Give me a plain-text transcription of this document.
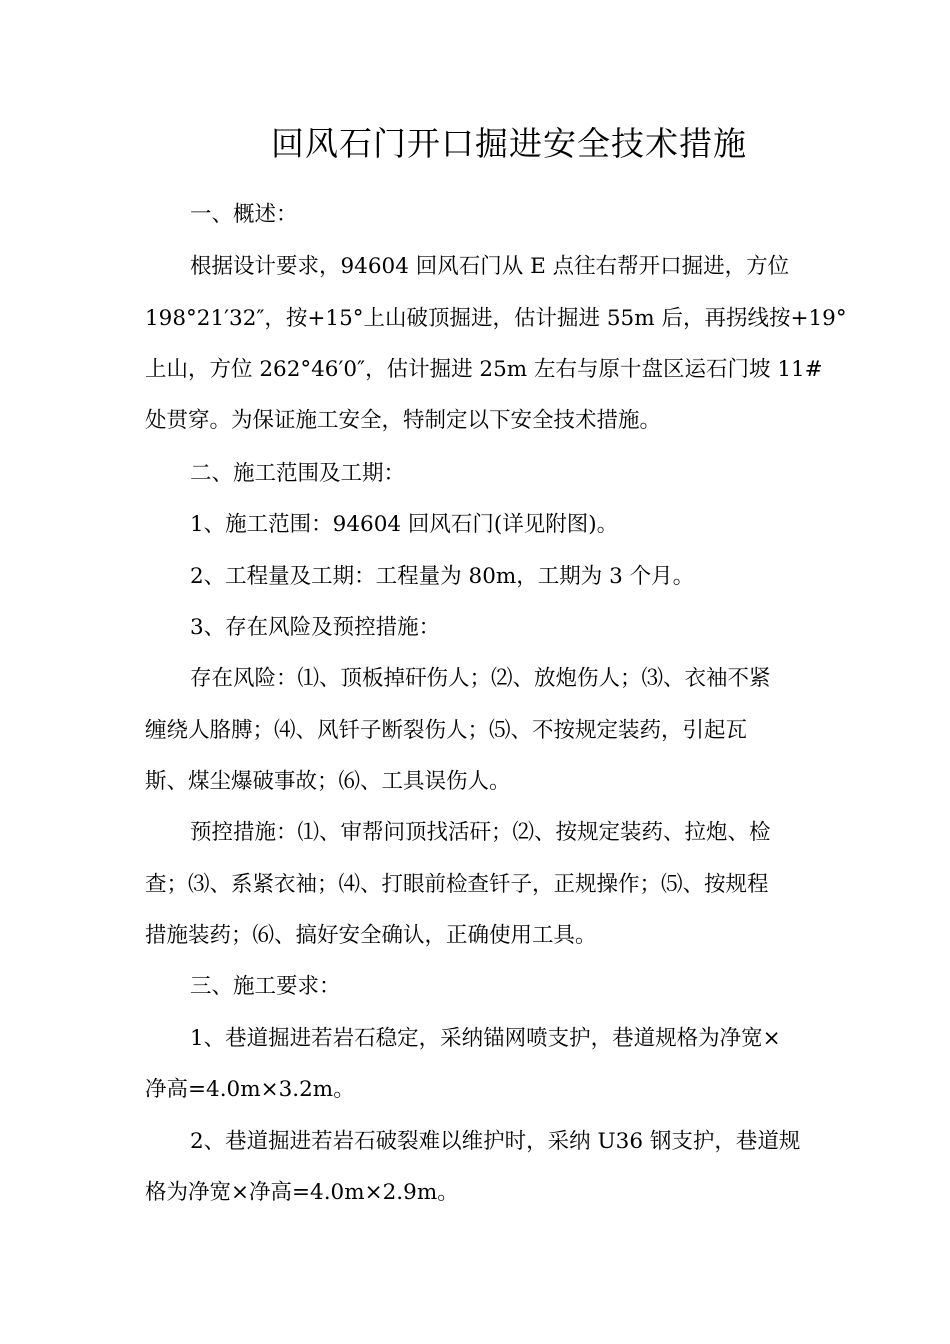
回风石门开口掘进安全技术措施

一、概述：

根据设计要求，94604 回风石门从 E 点往右帮开口掘进，方位

198°21′32″，按+15°上山破顶掘进，估计掘进 55m 后，再拐线按+19°

上山，方位 262°46′0″，估计掘进 25m 左右与原十盘区运石门坡 11#

处贯穿。为保证施工安全，特制定以下安全技术措施。

二、施工范围及工期：

1、施工范围：94604 回风石门(详见附图)。

2、工程量及工期：工程量为 80m，工期为 3 个月。

3、存在风险及预控措施：

存在风险：⑴、顶板掉矸伤人；⑵、放炮伤人；⑶、衣袖不紧

缠绕人胳膊；⑷、风钎子断裂伤人；⑸、不按规定装药，引起瓦

斯、煤尘爆破事故；⑹、工具误伤人。

预控措施：⑴、审帮问顶找活矸；⑵、按规定装药、拉炮、检

查；⑶、系紧衣袖；⑷、打眼前检查钎子，正规操作；⑸、按规程

措施装药；⑹、搞好安全确认，正确使用工具。

三、施工要求：

1、巷道掘进若岩石稳定，采纳锚网喷支护，巷道规格为净宽×

净高=4.0m×3.2m。

2、巷道掘进若岩石破裂难以维护时，采纳 U36 钢支护，巷道规

格为净宽×净高=4.0m×2.9m。
